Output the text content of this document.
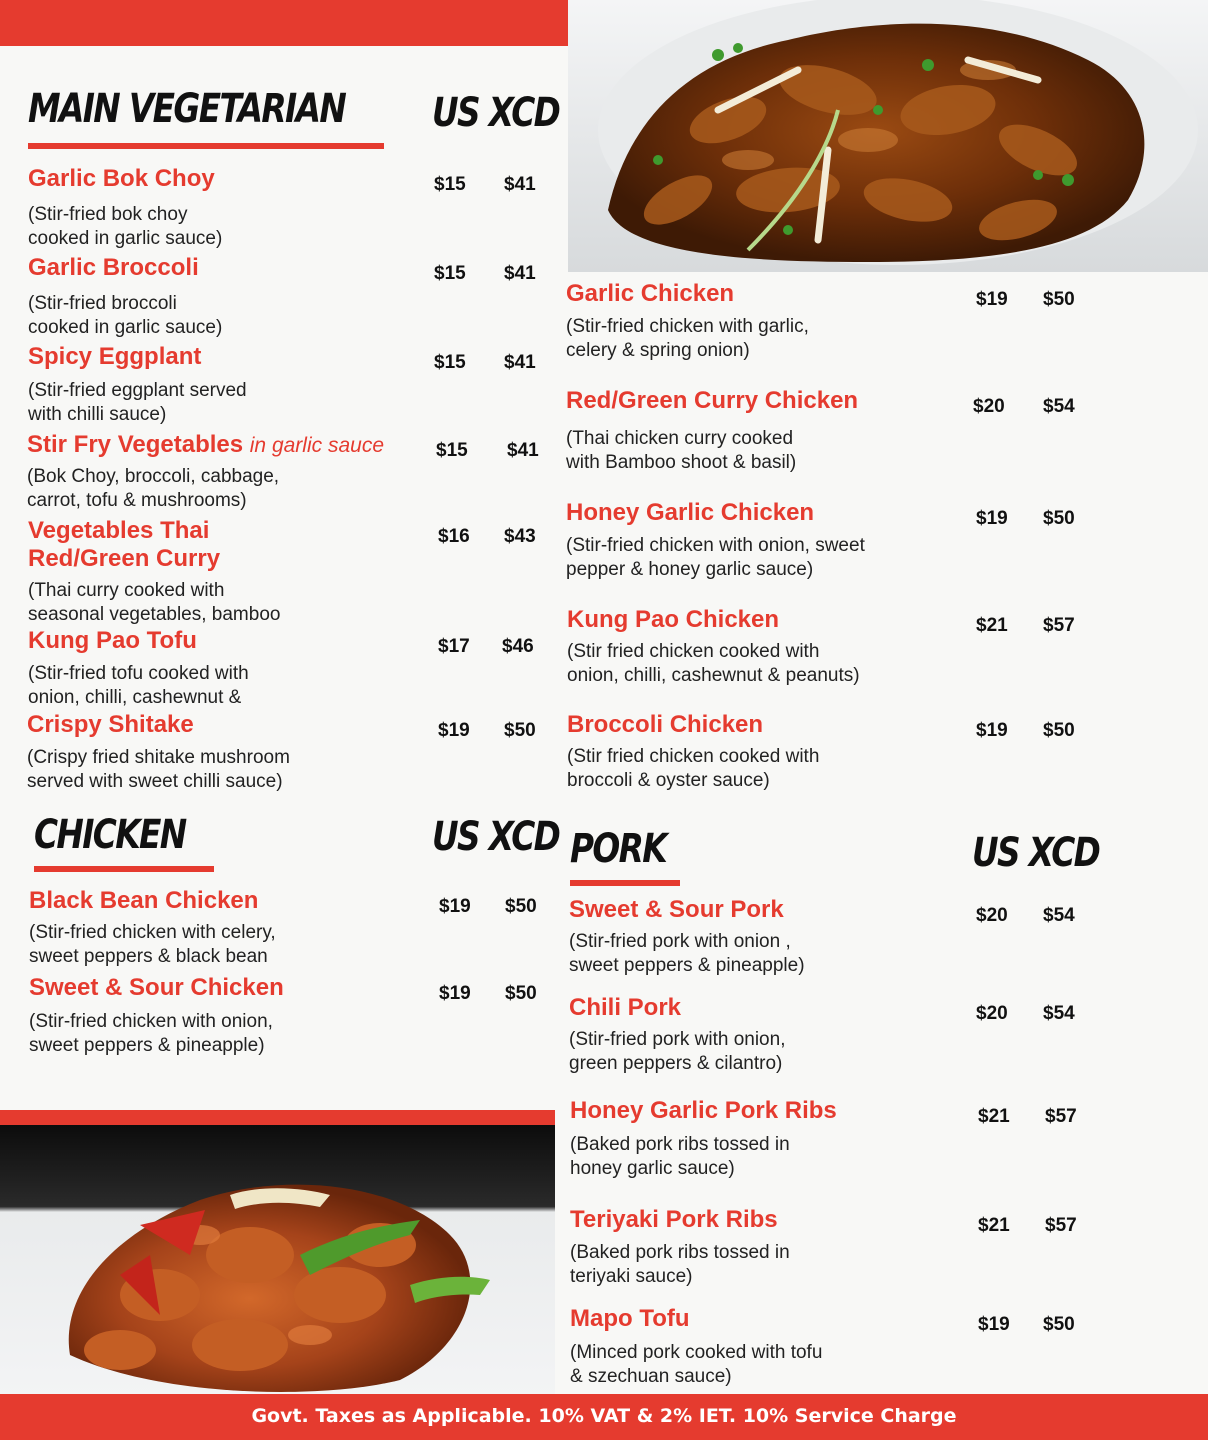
MAIN VEGETARIAN US XCD
Garlic Bok Choy
(Stir-fried bok choy
cooked in garlic sauce)
$15 $41
Garlic Broccoli
(Stir-fried broccoli
cooked in garlic sauce)
$15 $41
Spicy Eggplant
(Stir-fried eggplant served
with chilli sauce)
$15 $41
Stir Fry Vegetables in garlic sauce
(Bok Choy, broccoli, cabbage,
carrot, tofu & mushrooms)
$15 $41
Vegetables Thai
Red/Green Curry
(Thai curry cooked with
seasonal vegetables, bamboo
$16 $43
Kung Pao Tofu
(Stir-fried tofu cooked with
onion, chilli, cashewnut &
$17 $46
Crispy Shitake
(Crispy fried shitake mushroom
served with sweet chilli sauce)
$19 $50
CHICKEN	US XCD
Black Bean Chicken
(Stir-fried chicken with celery,
sweet peppers & black bean
$19 $50
Sweet & Sour Chicken
(Stir-fried chicken with onion,
sweet peppers & pineapple)
$19 $50
Garlic Chicken
(Stir-fried chicken with garlic,
celery & spring onion)
$19 $50
Red/Green Curry Chicken
(Thai chicken curry cooked
with Bamboo shoot & basil)
$20 $54
Honey Garlic Chicken
(Stir-fried chicken with onion, sweet
pepper & honey garlic sauce)
$19 $50
Kung Pao Chicken
(Stir fried chicken cooked with
onion, chilli, cashewnut & peanuts)
$21 $57
Broccoli Chicken
(Stir fried chicken cooked with
broccoli & oyster sauce)
$19 $50
PORK	US XCD
Sweet & Sour Pork
(Stir-fried pork with onion ,
sweet peppers & pineapple)
$20 $54
Chili Pork
(Stir-fried pork with onion,
green peppers & cilantro)
$20 $54
Honey Garlic Pork Ribs
(Baked pork ribs tossed in
honey garlic sauce)
$21 $57
Teriyaki Pork Ribs
(Baked pork ribs tossed in
teriyaki sauce)
$21 $57
Mapo Tofu
(Minced pork cooked with tofu
& szechuan sauce)
$19 $50
Govt. Taxes as Applicable. 10% VAT & 2% IET. 10% Service Charge
